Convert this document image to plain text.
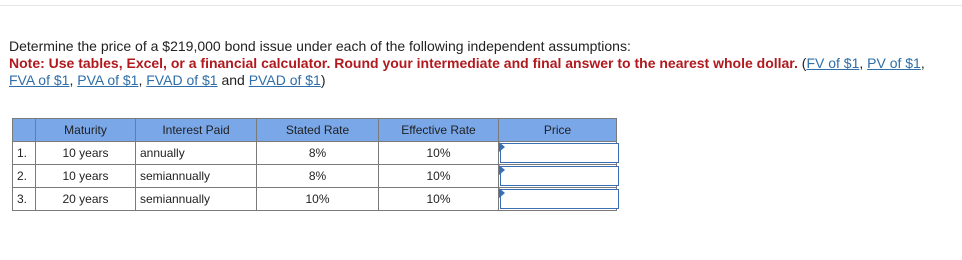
Determine the price of a $219,000 bond issue under each of the following independent assumptions:
Note: Use tables, Excel, or a financial calculator. Round your intermediate and final answer to the nearest whole dollar. (FV of $1, PV of $1, FVA of $1, PVA of $1, FVAD of $1 and PVAD of $1)
	Maturity	Interest Paid	Stated Rate	Effective Rate	Price
1.	10 years	annually	8%	10%	

2.	10 years	semiannually	8%	10%	

3.	20 years	semiannually	10%	10%	
